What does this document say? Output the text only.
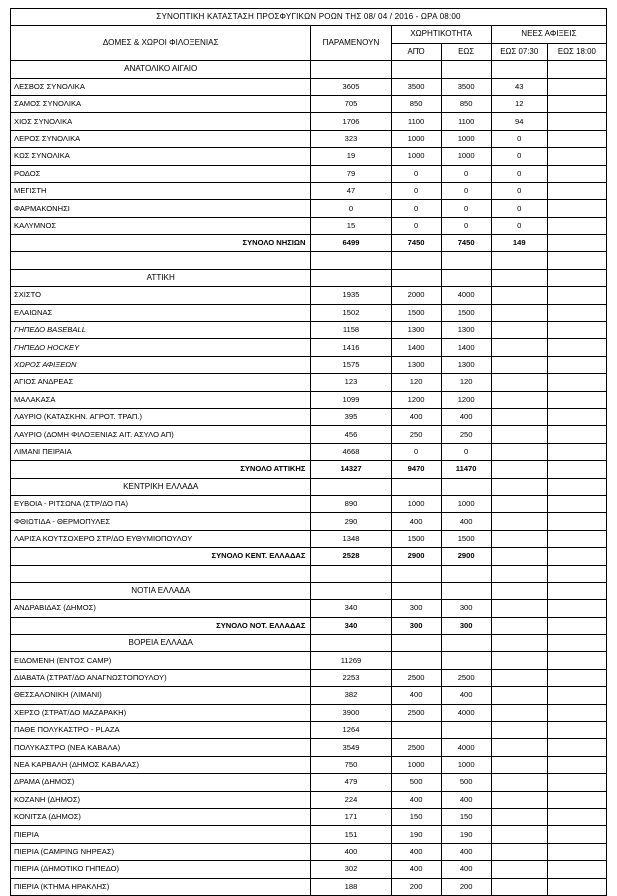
ΣΥΝΟΠΤΙΚΗ ΚΑΤΑΣΤΑΣΗ ΠΡΟΣΦΥΓΙΚΩΝ ΡΟΩΝ ΤΗΣ 08/ 04 / 2016 - ΩΡΑ 08:00					
ΔΟΜΕΣ & ΧΩΡΟΙ ΦΙΛΟΞΕΝΙΑΣ	ΠΑΡΑΜΕΝΟΥΝ	ΧΩΡΗΤΙΚΟΤΗΤΑ		ΝΕΕΣ ΑΦΙΞΕΙΣ	
		ΑΠΌ	ΕΩΣ	ΕΩΣ 07:30	ΕΩΣ 18:00
ΑΝΑΤΟΛΙΚΟ ΑΙΓΑΙΟ					
ΛΕΣΒΟΣ ΣΥΝΟΛΙΚΑ	3605	3500	3500	43	
ΣΑΜΟΣ ΣΥΝΟΛΙΚΑ	705	850	850	12	
ΧΙΟΣ ΣΥΝΟΛΙΚΑ	1706	1100	1100	94	
ΛΕΡΟΣ ΣΥΝΟΛΙΚΑ	323	1000	1000	0	
ΚΩΣ ΣΥΝΟΛΙΚΑ	19	1000	1000	0	
ΡΟΔΟΣ	79	0	0	0	
ΜΕΓΙΣΤΗ	47	0	0	0	
ΦΑΡΜΑΚΟΝΗΣΙ	0	0	0	0	
ΚΑΛΥΜΝΟΣ	15	0	0	0	
ΣΥΝΟΛΟ ΝΗΣΙΩΝ	6499	7450	7450	149	

ΑΤΤΙΚΗ					
ΣΧΙΣΤΟ	1935	2000	4000		
ΕΛΑΙΩΝΑΣ	1502	1500	1500		
ΓΗΠΕΔΟ BASEBALL	1158	1300	1300		
ΓΗΠΕΔΟ HOCKEY	1416	1400	1400		
ΧΩΡΟΣ ΑΦΙΞΕΩΝ	1575	1300	1300		
ΑΓΙΟΣ ΑΝΔΡΕΑΣ	123	120	120		
ΜΑΛΑΚΑΣΑ	1099	1200	1200		
ΛΑΥΡΙΟ (ΚΑΤΑΣΚΗΝ. ΑΓΡΟΤ. ΤΡΑΠ.)	395	400	400		
ΛΑΥΡΙΟ (ΔΟΜΗ ΦΙΛΟΞΕΝΙΑΣ ΑΙΤ. ΑΣΥΛΟ ΑΠ)	456	250	250		
ΛΙΜΑΝΙ ΠΕΙΡΑΙΑ	4668	0	0		
ΣΥΝΟΛΟ ΑΤΤΙΚΗΣ	14327	9470	11470		
ΚΕΝΤΡΙΚΗ ΕΛΛΑΔΑ					
ΕΥΒΟΙΑ - ΡΙΤΣΩΝΑ (ΣΤΡ/ΔΟ ΠΑ)	890	1000	1000		
ΦΘΙΩΤΙΔΑ - ΘΕΡΜΟΠΥΛΕΣ	290	400	400		
ΛΑΡΙΣΑ ΚΟΥΤΣΟΧΕΡΟ ΣΤΡ/ΔΟ ΕΥΘΥΜΙΟΠΟΥΛΟΥ	1348	1500	1500		
ΣΥΝΟΛΟ ΚΕΝΤ. ΕΛΛΑΔΑΣ	2528	2900	2900		

ΝΟΤΙΑ ΕΛΛΑΔΑ					
ΑΝΔΡΑΒΙΔΑΣ (ΔΗΜΟΣ)	340	300	300		
ΣΥΝΟΛΟ ΝΟΤ. ΕΛΛΑΔΑΣ	340	300	300		
ΒΟΡΕΙΑ ΕΛΛΑΔΑ					
ΕΙΔΟΜΕΝΗ (ΕΝΤΟΣ CAMP)	11269				
ΔΙΑΒΑΤΑ (ΣΤΡΑΤ/ΔΟ ΑΝΑΓΝΩΣΤΟΠΟΥΛΟΥ)	2253	2500	2500		
ΘΕΣΣΑΛΟΝΙΚΗ (ΛΙΜΑΝΙ)	382	400	400		
ΧΕΡΣΟ (ΣΤΡΑΤ/ΔΟ ΜΑΖΑΡΑΚΗ)	3900	2500	4000		
ΠΑΘΕ ΠΟΛΥΚΑΣΤΡΟ - PLAZA	1264				
ΠΟΛΥΚΑΣΤΡΟ (ΝΕΑ ΚΑΒΑΛΑ)	3549	2500	4000		
ΝΕΑ ΚΑΡΒΑΛΗ (ΔΗΜΟΣ ΚΑΒΑΛΑΣ)	750	1000	1000		
ΔΡΑΜΑ (ΔΗΜΟΣ)	479	500	500		
ΚΟΖΑΝΗ (ΔΗΜΟΣ)	224	400	400		
ΚΟΝΙΤΣΑ (ΔΗΜΟΣ)	171	150	150		
ΠΙΕΡΙΑ	151	190	190		
ΠΙΕΡΙΑ (CAMPING ΝΗΡΕΑΣ)	400	400	400		
ΠΙΕΡΙΑ (ΔΗΜΟΤΙΚΟ ΓΗΠΕΔΟ)	302	400	400		
ΠΙΕΡΙΑ (ΚΤΗΜΑ ΗΡΑΚΛΗΣ)	188	200	200		
